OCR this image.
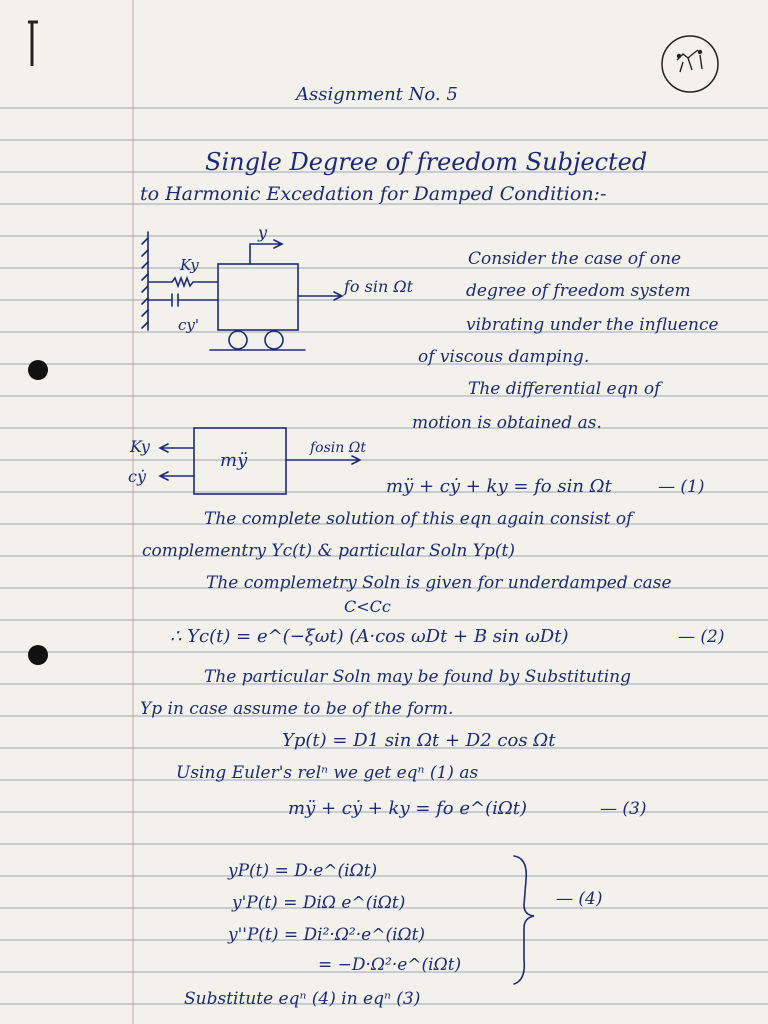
Assignment No. 5
Single Degree of freedom Subjected
to Harmonic Excedation for Damped Condition:-
y
Ky
cy'
fo sin Ωt
Consider the case of one
degree of freedom system
vibrating under the influence
of viscous damping.
The differential eqn of
motion is obtained as.
Ky
cẏ
mÿ
fosin Ωt
mÿ + cẏ + ky = fo sin Ωt	— (1)
The complete solution of this eqn again consist of
complementry Yc(t) & particular Soln Yp(t)
The complemetry Soln is given for underdamped case
C<Cc
∴ Yc(t) = e^(−ξωt) (A·cos ωDt + B sin ωDt)	— (2)
The particular Soln may be found by Substituting
Yp in case assume to be of the form.
Yp(t) = D1 sin Ωt + D2 cos Ωt
Using Euler's relⁿ we get eqⁿ (1) as
mÿ + cẏ + ky = fo e^(iΩt)	— (3)
yP(t) = D·e^(iΩt)
y'P(t) = DiΩ e^(iΩt)
y''P(t) = Di²·Ω²·e^(iΩt)
= −D·Ω²·e^(iΩt)
— (4)
Substitute eqⁿ (4) in eqⁿ (3)
